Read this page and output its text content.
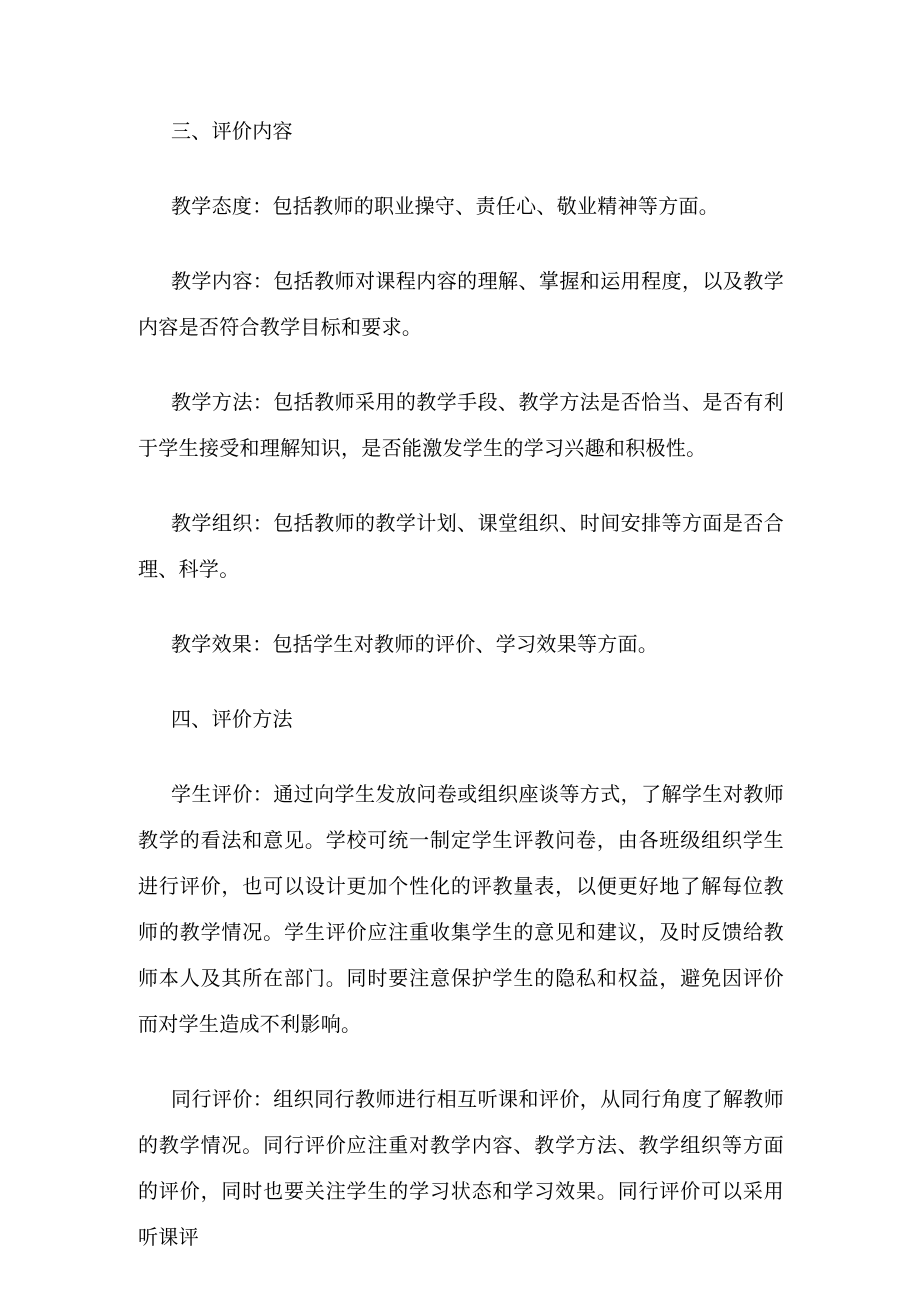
三、评价内容

教学态度：包括教师的职业操守、责任心、敬业精神等方面。

教学内容：包括教师对课程内容的理解、掌握和运用程度，以及教学内容是否符合教学目标和要求。

教学方法：包括教师采用的教学手段、教学方法是否恰当、是否有利于学生接受和理解知识，是否能激发学生的学习兴趣和积极性。

教学组织：包括教师的教学计划、课堂组织、时间安排等方面是否合理、科学。

教学效果：包括学生对教师的评价、学习效果等方面。

四、评价方法

学生评价：通过向学生发放问卷或组织座谈等方式，了解学生对教师教学的看法和意见。学校可统一制定学生评教问卷，由各班级组织学生进行评价，也可以设计更加个性化的评教量表，以便更好地了解每位教师的教学情况。学生评价应注重收集学生的意见和建议，及时反馈给教师本人及其所在部门。同时要注意保护学生的隐私和权益，避免因评价而对学生造成不利影响。

同行评价：组织同行教师进行相互听课和评价，从同行角度了解教师的教学情况。同行评价应注重对教学内容、教学方法、教学组织等方面的评价，同时也要关注学生的学习状态和学习效果。同行评价可以采用听课评
